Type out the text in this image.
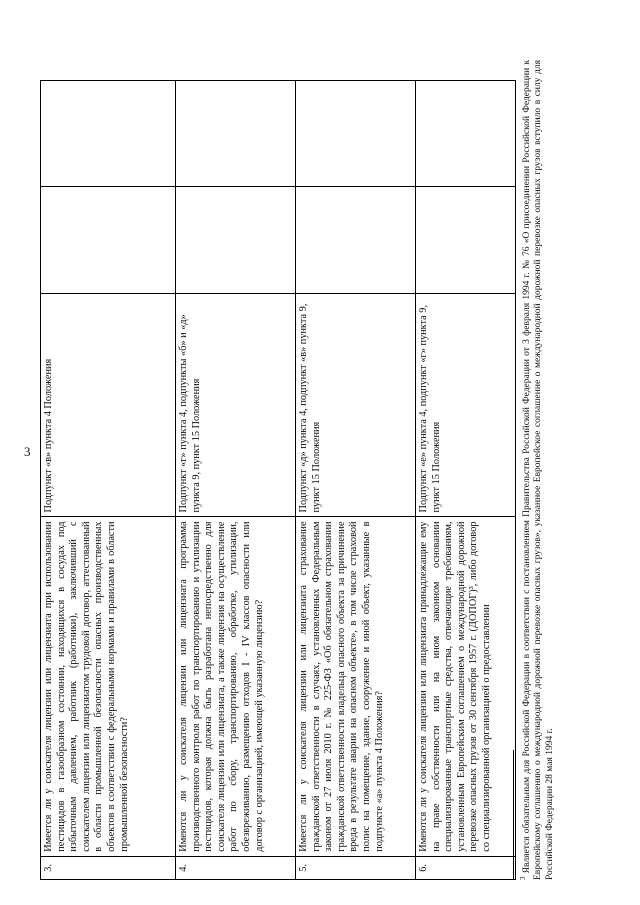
3
3.	Имеется ли у соискателя лицензии или лицензиата при использовании пестицидов в газообразном состоянии, находящихся в сосудах под избыточным давлением, работник (работники), заключивший с соискателем лицензии или лицензиатом трудовой договор, аттестованный в области промышленной безопасности опасных производственных объектов в соответствии с федеральными нормами и правилами в области промышленной безопасности?	Подпункт «в» пункта 4 Положения		
4.	Имеются ли у соискателя лицензии или лицензиата программа производственного контроля работ по транспортированию и утилизации пестицидов, которая должна быть разработана непосредственно для соискателя лицензии или лицензиата, а также лицензия на осуществление работ по сбору, транспортированию, обработке, утилизации, обезвреживанию, размещению отходов I - IV классов опасности или договор с организацией, имеющей указанную лицензию?	Подпункт «г» пункта 4, подпункты «б» и «д» пункта 9, пункт 15 Положения		
5.	Имеется ли у соискателя лицензии или лицензиата страхование гражданской ответственности в случаях, установленных Федеральным законом от 27 июля 2010 г. № 225-ФЗ «Об обязательном страховании гражданской ответственности владельца опасного объекта за причинение вреда в результате аварии на опасном объекте», в том числе страховой полис на помещение, здание, сооружение и иной объект, указанные в подпункте «а» пункта 4 Положения?	Подпункт «д» пункта 4, подпункт «в» пункта 9, пункт 15 Положения		
6.	Имеются ли у соискателя лицензии или лицензиата принадлежащие ему на праве собственности или на ином законном основании специализированные транспортные средства, отвечающие требованиям, установленным Европейским соглашением о международной дорожной перевозке опасных грузов от 30 сентября 1957 г. (ДОПОГ)³, либо договор со специализированной организацией о предоставлении	Подпункт «е» пункта 4, подпункт «г» пункта 9, пункт 15 Положения		
$^3$ Является обязательным для Российской Федерации в соответствии с постановлением Правительства Российской Федерации от 3 февраля 1994 г. № 76 «О присоединении Российской Федерации к Европейскому соглашению о международной дорожной перевозке опасных грузов», указанное Европейское соглашение о международной дорожной перевозке опасных грузов вступило в силу для Российской Федерации 28 мая 1994 г.
